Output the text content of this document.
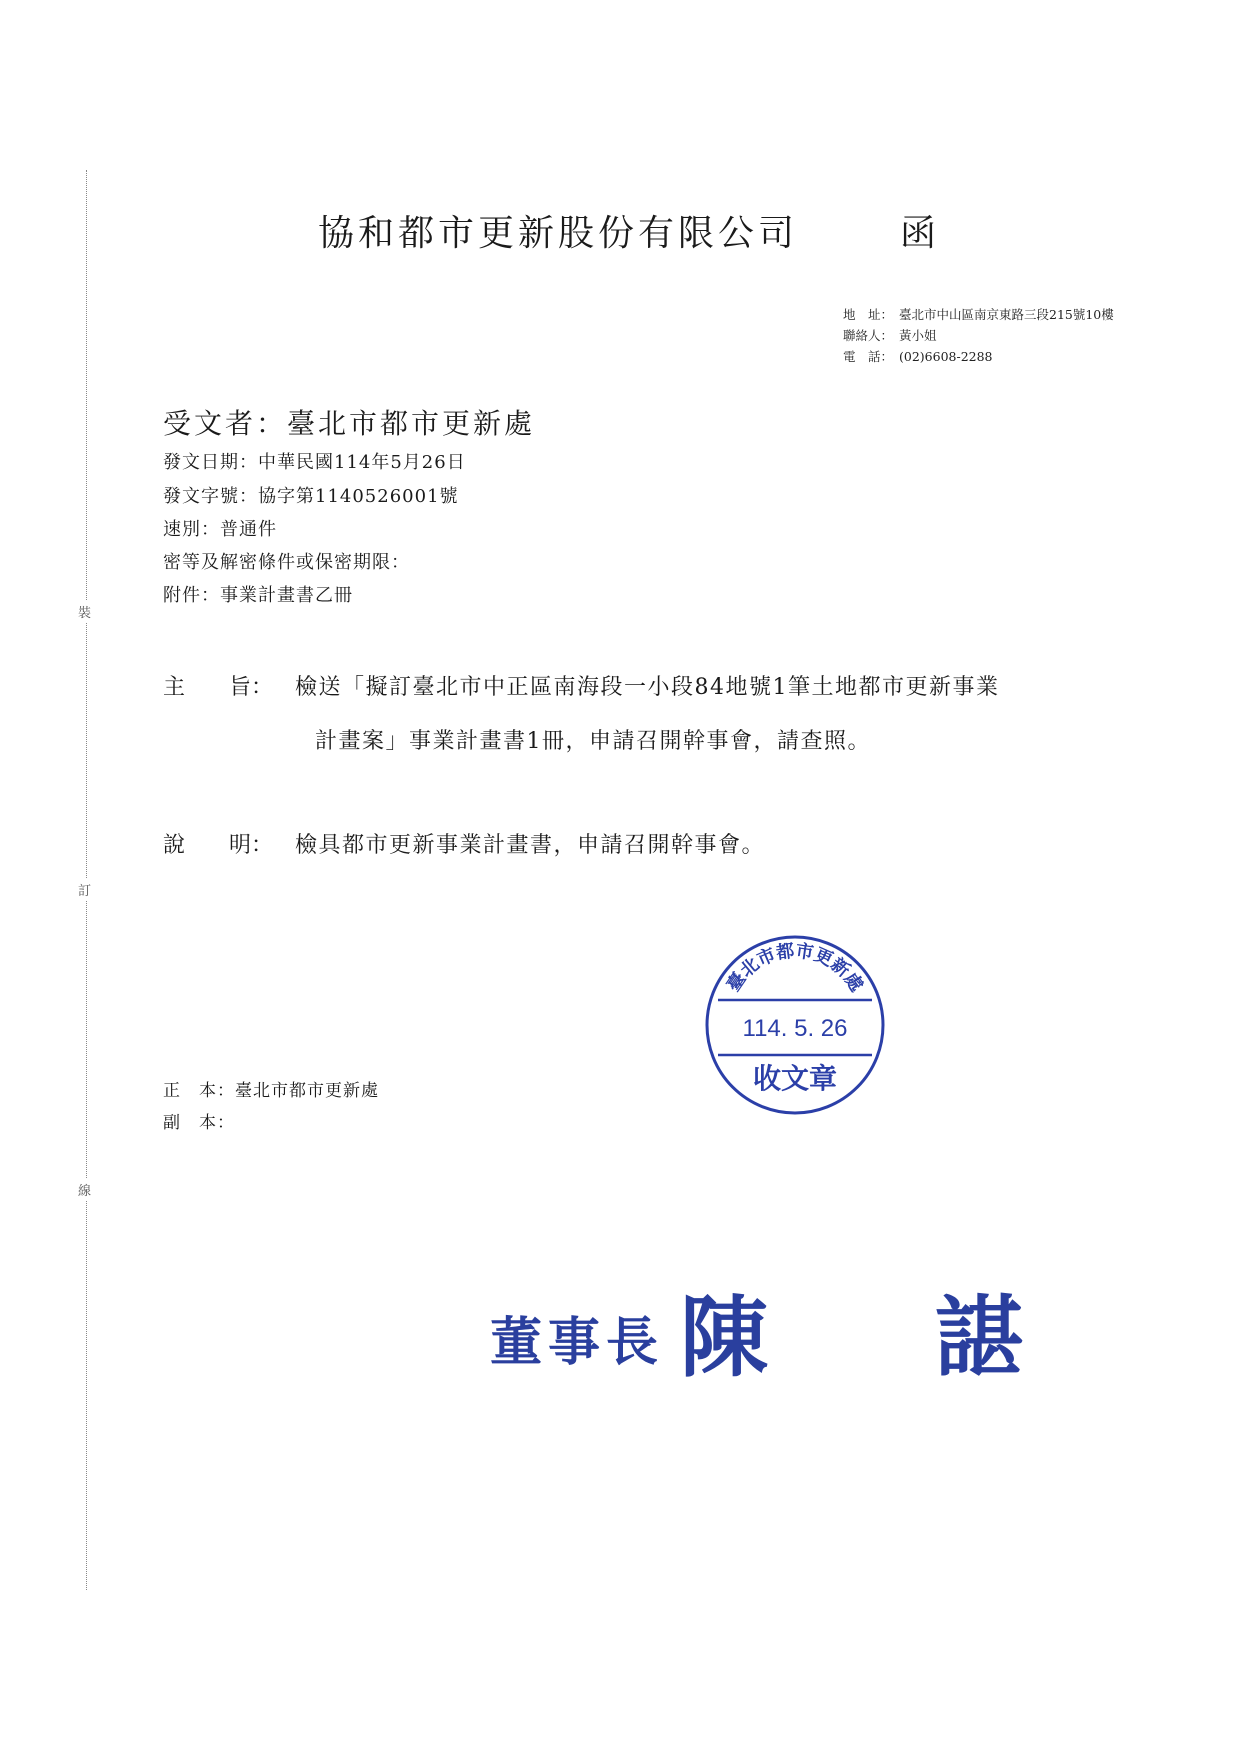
裝
訂
線
協和都市更新股份有限公司	函
地　址： 臺北市中山區南京東路三段215號10樓
聯絡人： 黃小姐
電　話： (02)6608-2288
受文者：臺北市都市更新處
發文日期：中華民國114年5月26日
發文字號：協字第1140526001號
速別：普通件
密等及解密條件或保密期限：
附件：事業計畫書乙冊
主　　旨： 檢送「擬訂臺北市中正區南海段一小段84地號1筆土地都市更新事業
計畫案」事業計畫書1冊，申請召開幹事會，請查照。
說　　明： 檢具都市更新事業計畫書，申請召開幹事會。
臺北市都市更新處
114. 5. 26
收文章
正　本：臺北市都市更新處
副　本：
董事長 陳 諶
